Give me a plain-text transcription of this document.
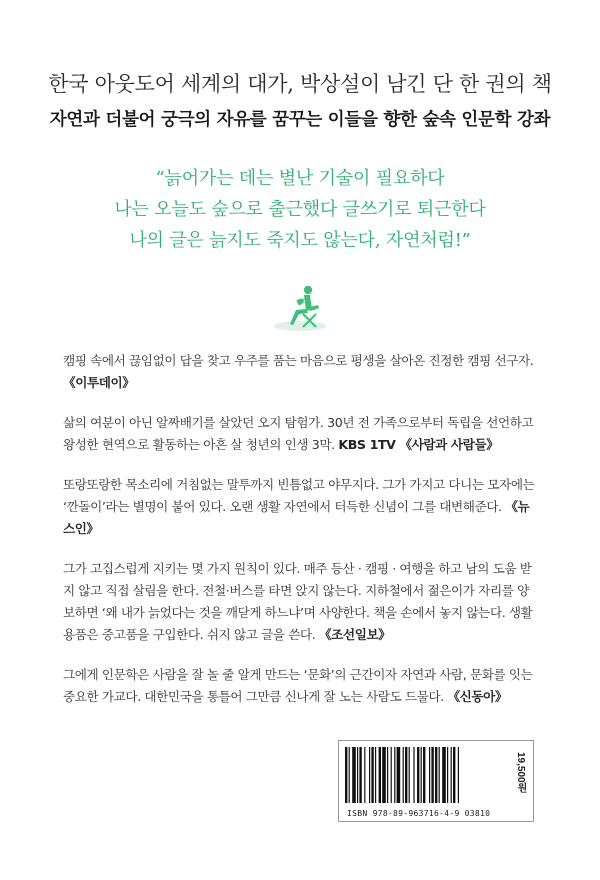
한국 아웃도어 세계의 대가, 박상설이 남긴 단 한 권의 책
자연과 더불어 궁극의 자유를 꿈꾸는 이들을 향한 숲속 인문학 강좌
“늙어가는 데는 별난 기술이 필요하다
나는 오늘도 숲으로 출근했다 글쓰기로 퇴근한다
나의 글은 늙지도 죽지도 않는다, 자연처럼!”

캠핑 속에서 끊임없이 답을 찾고 우주를 품는 마음으로 평생을 살아온 진정한 캠핑 선구자. 《이투데이》

삶의 여분이 아닌 알짜배기를 살았던 오지 탐험가. 30년 전 가족으로부터 독립을 선언하고 왕성한 현역으로 활동하는 아흔 살 청년의 인생 3막. KBS 1TV 《사람과 사람들》

또랑또랑한 목소리에 거침없는 말투까지 빈틈없고 야무지다. 그가 가지고 다니는 모자에는 ‘깐돌이’라는 별명이 붙어 있다. 오랜 생활 자연에서 터득한 신념이 그를 대변해준다. 《뉴스인》

그가 고집스럽게 지키는 몇 가지 원칙이 있다. 매주 등산 · 캠핑 · 여행을 하고 남의 도움 받지 않고 직접 살림을 한다. 전철·버스를 타면 앉지 않는다. 지하철에서 젊은이가 자리를 양보하면 ‘왜 내가 늙었다는 것을 깨닫게 하느냐’며 사양한다. 책을 손에서 놓지 않는다. 생활용품은 중고품을 구입한다. 쉬지 않고 글을 쓴다. 《조선일보》

그에게 인문학은 사람을 잘 놀 줄 알게 만드는 ‘문화’의 근간이자 자연과 사람, 문화를 잇는 중요한 가교다. 대한민국을 통틀어 그만큼 신나게 잘 노는 사람도 드물다. 《신동아》

ISBN 978-89-963716-4-9 03810
19,500원
